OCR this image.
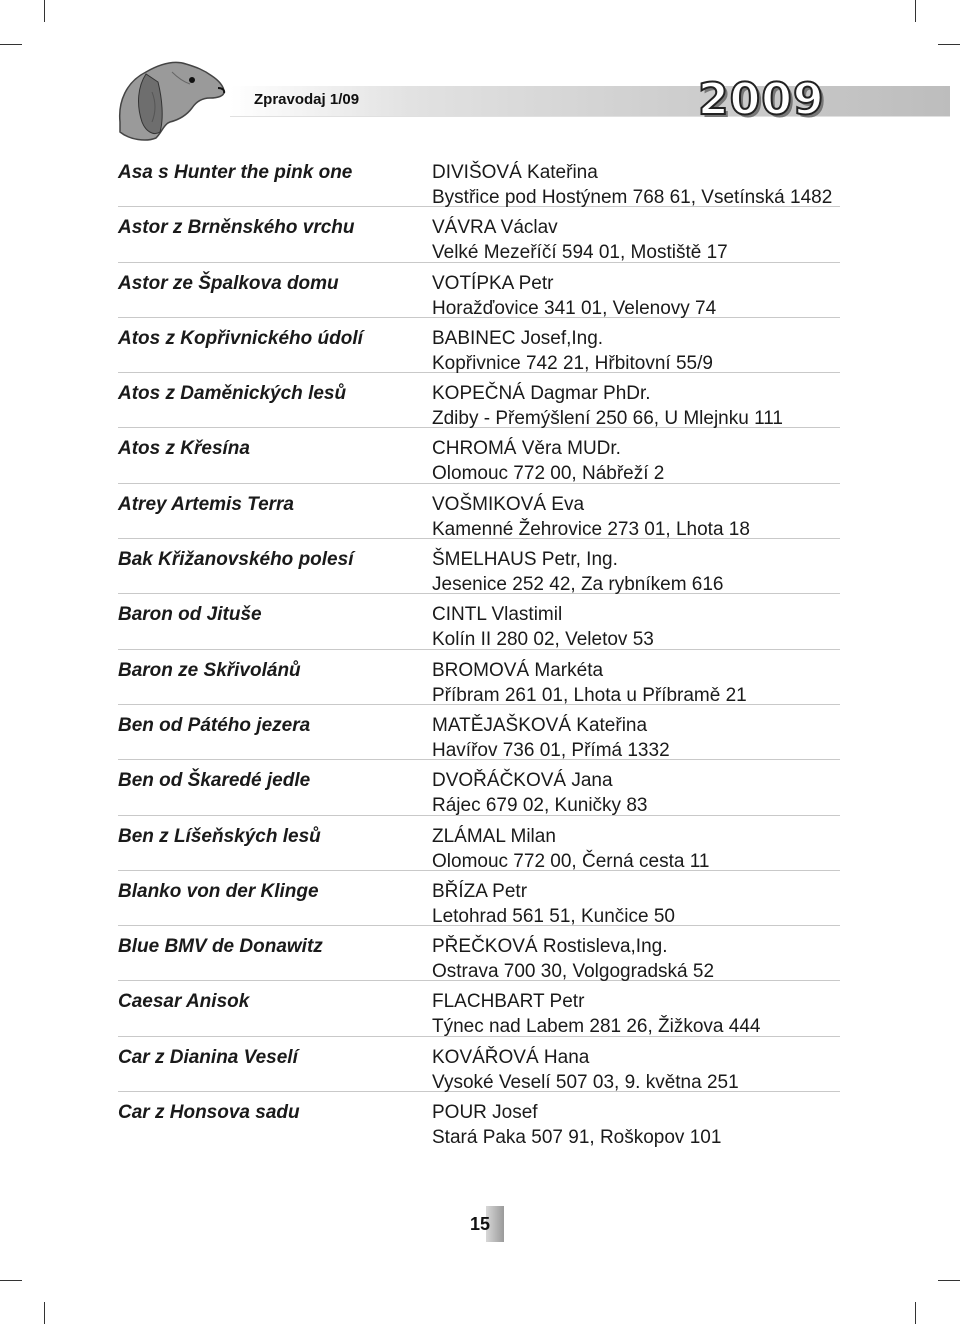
Zpravodaj 1/09	2009
Asa s Hunter the pink one	DIVIŠOVÁ Kateřina
Bystřice pod Hostýnem 768 61, Vsetínská 1482
Astor z Brněnského vrchu	VÁVRA Václav
Velké Mezeříčí 594 01, Mostiště 17
Astor ze Špalkova domu	VOTÍPKA Petr
Horažďovice 341 01, Velenovy 74
Atos z Kopřivnického údolí	BABINEC Josef,Ing.
Kopřivnice 742 21, Hřbitovní 55/9
Atos z Daměnických lesů	KOPEČNÁ Dagmar PhDr.
Zdiby - Přemýšlení 250 66, U Mlejnku 111
Atos z Křesína	CHROMÁ Věra MUDr.
Olomouc 772 00, Nábřeží 2
Atrey Artemis Terra	VOŠMIKOVÁ Eva
Kamenné Žehrovice 273 01, Lhota 18
Bak Křižanovského polesí	ŠMELHAUS Petr, Ing.
Jesenice 252 42, Za rybníkem 616
Baron od Jituše	CINTL Vlastimil
Kolín II 280 02, Veletov 53
Baron ze Skřivolánů	BROMOVÁ Markéta
Příbram 261 01, Lhota u Příbramě 21
Ben od Pátého jezera	MATĚJAŠKOVÁ Kateřina
Havířov 736 01, Přímá 1332
Ben od Škaredé jedle	DVOŘÁČKOVÁ Jana
Rájec 679 02, Kuničky 83
Ben z Líšeňských lesů	ZLÁMAL Milan
Olomouc 772 00, Černá cesta 11
Blanko von der Klinge	BŘÍZA Petr
Letohrad 561 51, Kunčice 50
Blue BMV de Donawitz	PŘEČKOVÁ Rostisleva,Ing.
Ostrava 700 30, Volgogradská 52
Caesar Anisok	FLACHBART Petr
Týnec nad Labem 281 26, Žižkova 444
Car z Dianina Veselí	KOVÁŘOVÁ Hana
Vysoké Veselí 507 03, 9. května 251
Car z Honsova sadu	POUR Josef
Stará Paka 507 91, Roškopov 101
15
